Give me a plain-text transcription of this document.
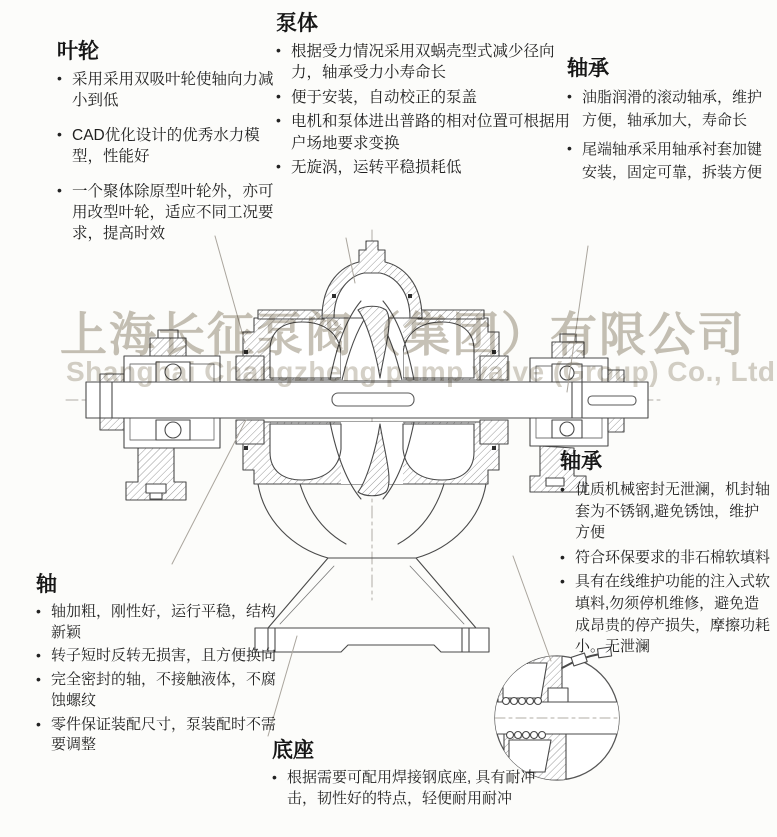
上海长征泵阀（集团）有限公司
Shanghai Changzheng pump valve (Group) Co., Ltd
叶轮
• 采用采用双吸叶轮使轴向力减小到低
• CAD优化设计的优秀水力模型，性能好
• 一个聚体除原型叶轮外，亦可用改型叶轮，适应不同工况要求，提高时效
泵体
• 根据受力情况采用双蜗壳型式减少径向力，轴承受力小寿命长
• 便于安装，自动校正的泵盖
• 电机和泵体进出普路的相对位置可根据用户场地要求变换
• 无旋涡，运转平稳损耗低
轴承
• 油脂润滑的滚动轴承，维护方便，轴承加大，寿命长
• 尾端轴承采用轴承衬套加键安装，固定可靠，拆装方便
轴承
• 优质机械密封无泄澜，机封轴套为不锈钢,避免锈蚀，维护方便
• 符合环保要求的非石棉软填料
• 具有在线维护功能的注入式软填料,勿须停机维修，避免造成昂贵的停产损失，摩擦功耗小。无泄澜
轴
• 轴加粗，刚性好，运行平稳，结构新颖
• 转子短时反转无损害，且方便换向
• 完全密封的轴，不接触液体，不腐蚀螺纹
• 零件保证装配尺寸，泵装配时不需要调整	底座
• 根据需要可配用焊接钢底座, 具有耐冲击，韧性好的特点，轻便耐用耐冲
